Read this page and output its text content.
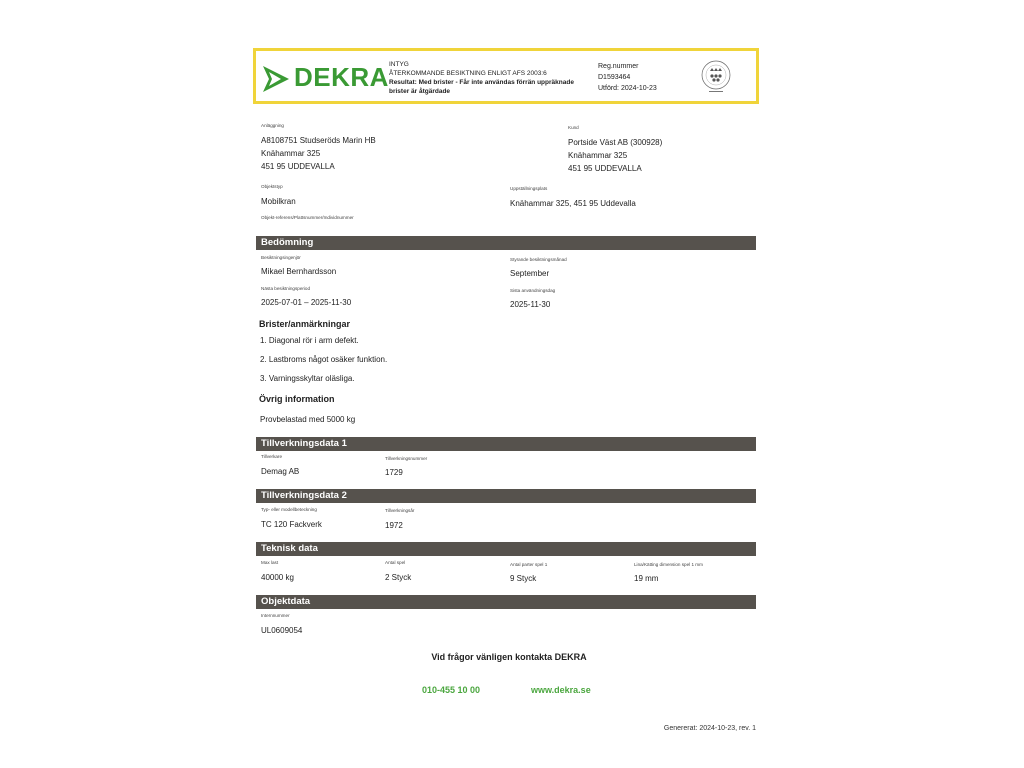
DEKRA INTYG
ÅTERKOMMANDE BESIKTNING ENLIGT AFS 2003:6
Resultat: Med brister - Får inte användas förrän uppräknade
brister är åtgärdade
Reg.nummer
D1593464
Utförd: 2024-10-23
Anläggning
A8108751 Studseröds Marin HB
Knähammar 325
451 95 UDDEVALLA
Kund
Portside Väst AB (300928)
Knähammar 325
451 95 UDDEVALLA
Objektstyp
Mobilkran
Objekt-referens/Plattsnummer/Individnummer
Uppställningsplats
Knähammar 325, 451 95 Uddevalla
Bedömning
Besiktningsingenjör
Mikael Bernhardsson
Styrande besiktningsmånad
September
Nästa besiktningsperiod
2025-07-01 – 2025-11-30
Sista användningsdag
2025-11-30
Brister/anmärkningar
1. Diagonal rör i arm defekt.
2. Lastbroms något osäker funktion.
3. Varningsskyltar oläsliga.
Övrig information
Provbelastad med 5000 kg
Tillverkningsdata 1
Tillverkare
Demag AB
Tillverkningsnummer
1729
Tillverkningsdata 2
Typ- eller modellbeteckning
TC 120 Fackverk
Tillverkningsår
1972
Teknisk data
Max last
40000 kg
Antal spel
2 Styck
Antal parter spel 1
9 Styck
Lina/Kätting dimension spel 1 mm
19 mm
Objektdata
Internnummer
UL0609054
Vid frågor vänligen kontakta DEKRA
010-455 10 00	www.dekra.se
Genererat: 2024-10-23, rev. 1
